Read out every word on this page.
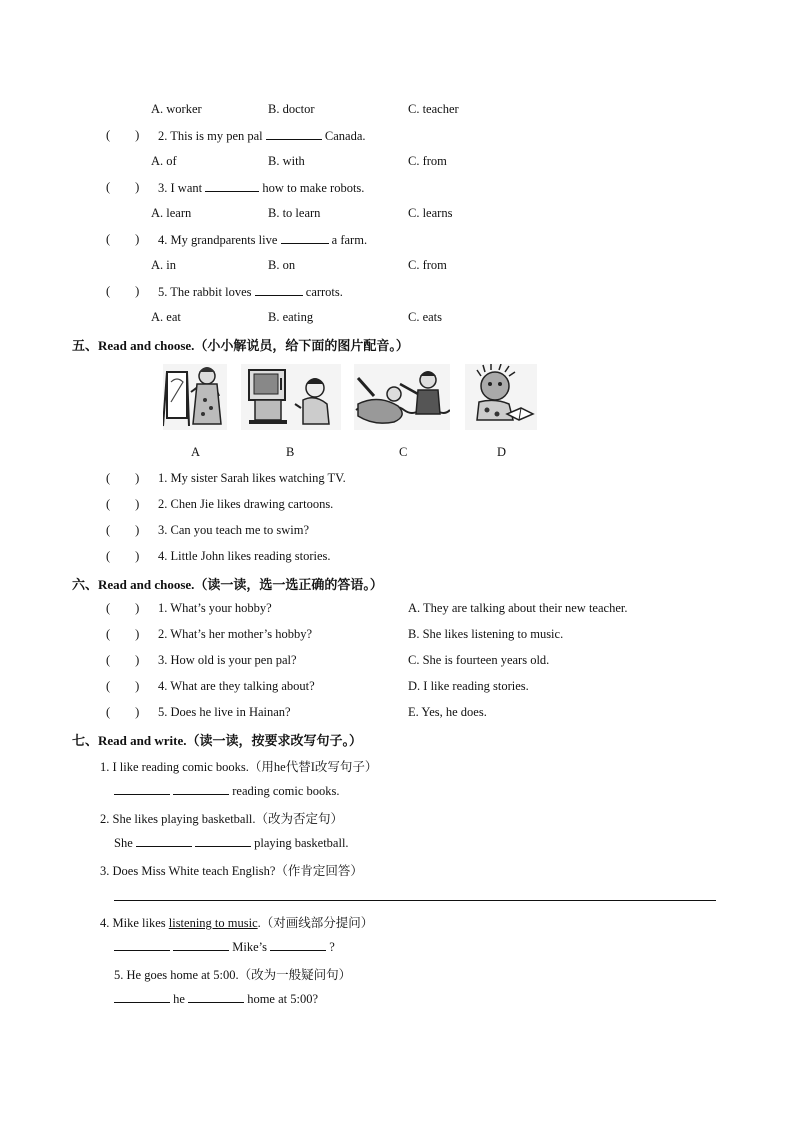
A. worker	B. doctor	C. teacher
(        ) 2. This is my pen pal	Canada.
A. of	B. with	C. from
(        ) 3. I want	how to make robots.
A. learn	B. to learn	C. learns
(        ) 4. My grandparents live	a farm.
A. in	B. on	C. from
(        ) 5. The rabbit loves	carrots.
A. eat	B. eating	C. eats
五、Read and choose.（小小解说员，给下面的图片配音。）
A	B	C	D
(        ) 1. My sister Sarah likes watching TV.
(        ) 2. Chen Jie likes drawing cartoons.
(        ) 3. Can you teach me to swim?
(        ) 4. Little John likes reading stories.
六、Read and choose.（读一读，选一选正确的答语。）
(        ) 1. What’s your hobby?	A. They are talking about their new teacher.
(        ) 2. What’s her mother’s hobby?	B. She likes listening to music.
(        ) 3. How old is your pen pal?	C. She is fourteen years old.
(        ) 4. What are they talking about?	D. I like reading stories.
(        ) 5. Does he live in Hainan?	E. Yes, he does.
七、Read and write.（读一读，按要求改写句子。）
1. I like reading comic books.（用he代替I改写句子）
reading comic books.
2. She likes playing basketball.（改为否定句）
She	playing basketball.
3. Does Miss White teach English?（作肯定回答）
4. Mike likes listening to music.（对画线部分提问）
Mike’s	?
5. He goes home at 5:00.（改为一般疑问句）
he	home at 5:00?
